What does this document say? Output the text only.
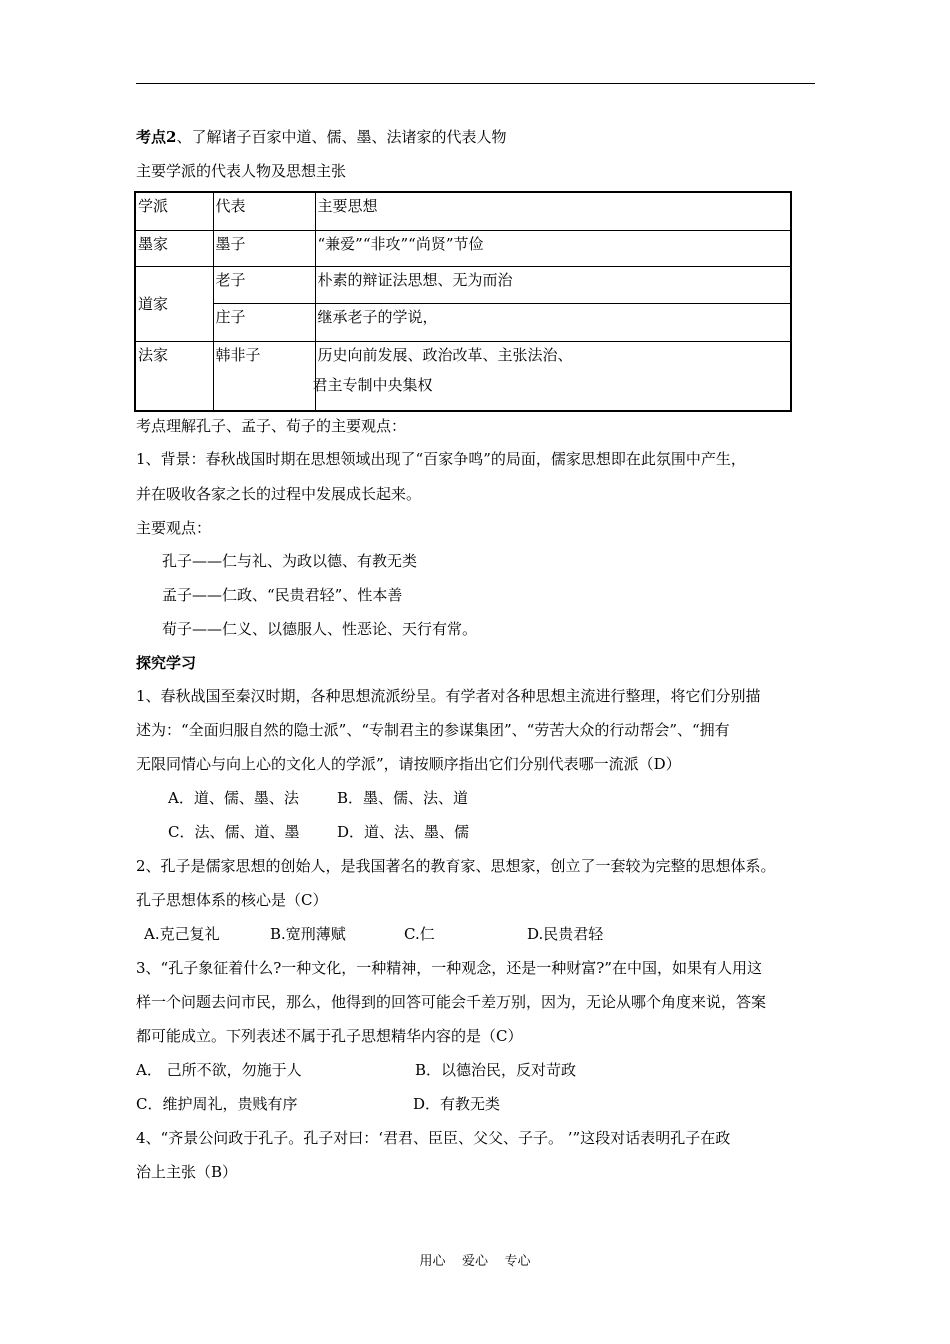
考点2、了解诸子百家中道、儒、墨、法诸家的代表人物
主要学派的代表人物及思想主张
学派	代表	主要思想
墨家	墨子	“兼爱”“非攻”“尚贤”节俭
道家	老子	朴素的辩证法思想、无为而治
	庄子	继承老子的学说，
法家	韩非子	历史向前发展、政治改革、主张法治、
君主专制中央集权
考点理解孔子、孟子、荀子的主要观点：
1、背景：春秋战国时期在思想领域出现了“百家争鸣”的局面，儒家思想即在此氛围中产生，
并在吸收各家之长的过程中发展成长起来。
主要观点：
孔子——仁与礼、为政以德、有教无类
孟子——仁政、“民贵君轻”、性本善
荀子——仁义、以德服人、性恶论、天行有常。
探究学习
1、春秋战国至秦汉时期，各种思想流派纷呈。有学者对各种思想主流进行整理，将它们分别描
述为：“全面归服自然的隐士派”、“专制君主的参谋集团”、“劳苦大众的行动帮会”、“拥有
无限同情心与向上心的文化人的学派”，请按顺序指出它们分别代表哪一流派（D）
A．道、儒、墨、法	B．墨、儒、法、道
C．法、儒、道、墨	D．道、法、墨、儒
2、孔子是儒家思想的创始人，是我国著名的教育家、思想家，创立了一套较为完整的思想体系。
孔子思想体系的核心是（C）
A.克己复礼	B.宽刑薄赋	C.仁	D.民贵君轻
3、“孔子象征着什么?一种文化，一种精神，一种观念，还是一种财富?”在中国，如果有人用这
样一个问题去问市民，那么，他得到的回答可能会千差万别，因为，无论从哪个角度来说，答案
都可能成立。下列表述不属于孔子思想精华内容的是（C）
A． 己所不欲，勿施于人	B．以德治民，反对苛政
C．维护周礼，贵贱有序	D．有教无类
4、“齐景公问政于孔子。孔子对曰：‘君君、臣臣、父父、子子。 ’”这段对话表明孔子在政
治上主张（B）
用心    爱心    专心
